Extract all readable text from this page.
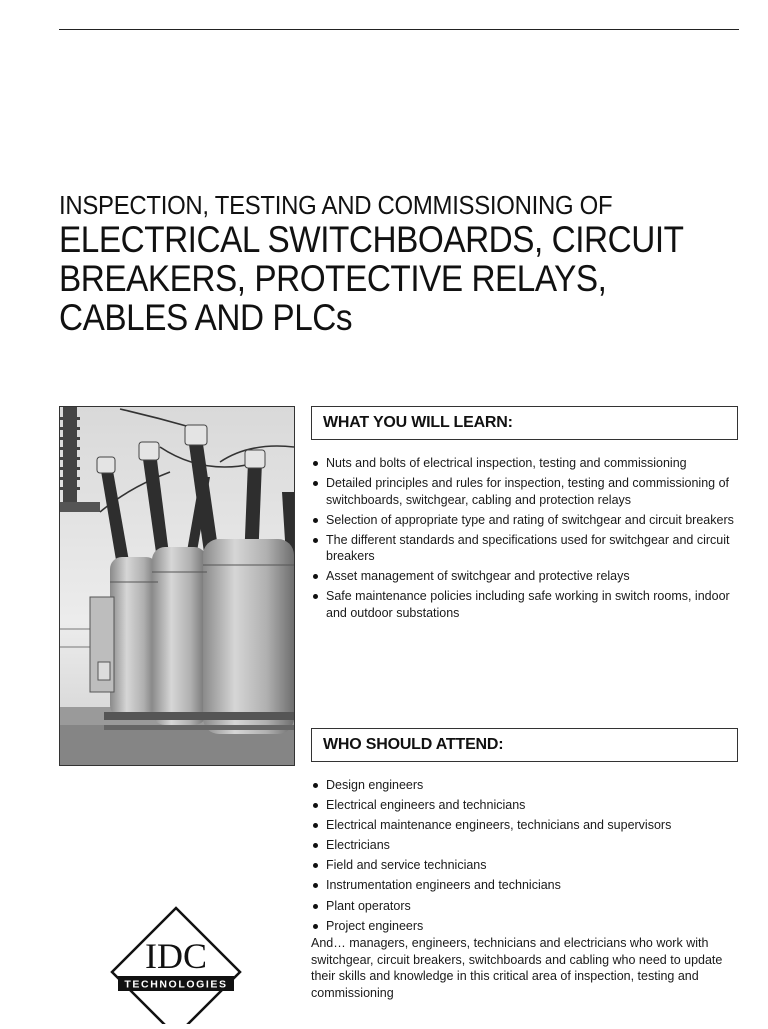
INSPECTION, TESTING AND COMMISSIONING OF
ELECTRICAL SWITCHBOARDS, CIRCUIT
BREAKERS, PROTECTIVE RELAYS,
CABLES AND PLCs
WHAT YOU WILL LEARN:
Nuts and bolts of electrical inspection, testing and commissioning
Detailed principles and rules for inspection, testing and commissioning of switchboards, switchgear, cabling and protection relays
Selection of appropriate type and rating of switchgear and circuit breakers
The different standards and specifications used for switchgear and circuit breakers
Asset management of switchgear and protective relays
Safe maintenance policies including safe working in switch rooms, indoor and outdoor substations
WHO SHOULD ATTEND:
Design engineers
Electrical engineers and technicians
Electrical maintenance engineers, technicians and supervisors
Electricians
Field and service technicians
Instrumentation engineers and technicians
Plant operators
Project engineers

And… managers, engineers, technicians and electricians who work with switchgear, circuit breakers, switchboards and cabling who need to update their skills and knowledge in this critical area of inspection, testing and commissioning

IDC
TECHNOLOGIES
